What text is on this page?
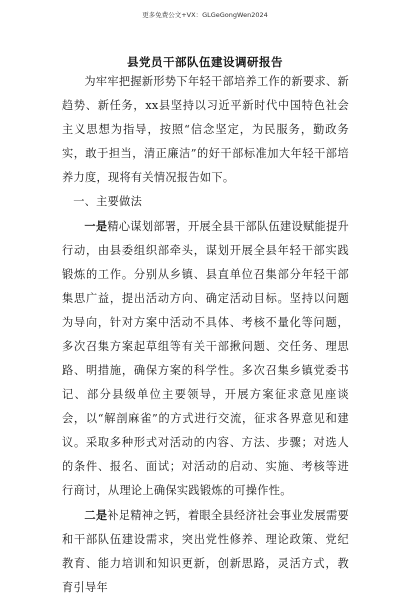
更多免费公文+VX：GLGeGongWen2024
县党员干部队伍建设调研报告

为牢牢把握新形势下年轻干部培养工作的新要求、新趋势、新任务，xx县坚持以习近平新时代中国特色社会主义思想为指导，按照“信念坚定，为民服务，勤政务实，敢于担当，清正廉洁”的好干部标准加大年轻干部培养力度，现将有关情况报告如下。

一、主要做法

一是精心谋划部署，开展全县干部队伍建设赋能提升行动，由县委组织部牵头，谋划开展全县年轻干部实践锻炼的工作。分别从乡镇、县直单位召集部分年轻干部集思广益，提出活动方向、确定活动目标。坚持以问题为导向，针对方案中活动不具体、考核不量化等问题，多次召集方案起草组等有关干部揪问题、交任务、理思路、明措施，确保方案的科学性。多次召集乡镇党委书记、部分县级单位主要领导，开展方案征求意见座谈会，以“解剖麻雀”的方式进行交流，征求各界意见和建议。采取多种形式对活动的内容、方法、步骤；对选人的条件、报名、面试；对活动的启动、实施、考核等进行商讨，从理论上确保实践锻炼的可操作性。

二是补足精神之钙，着眼全县经济社会事业发展需要和干部队伍建设需求，突出党性修养、理论政策、党纪教育、能力培训和知识更新，创新思路，灵活方式，教育引导年
